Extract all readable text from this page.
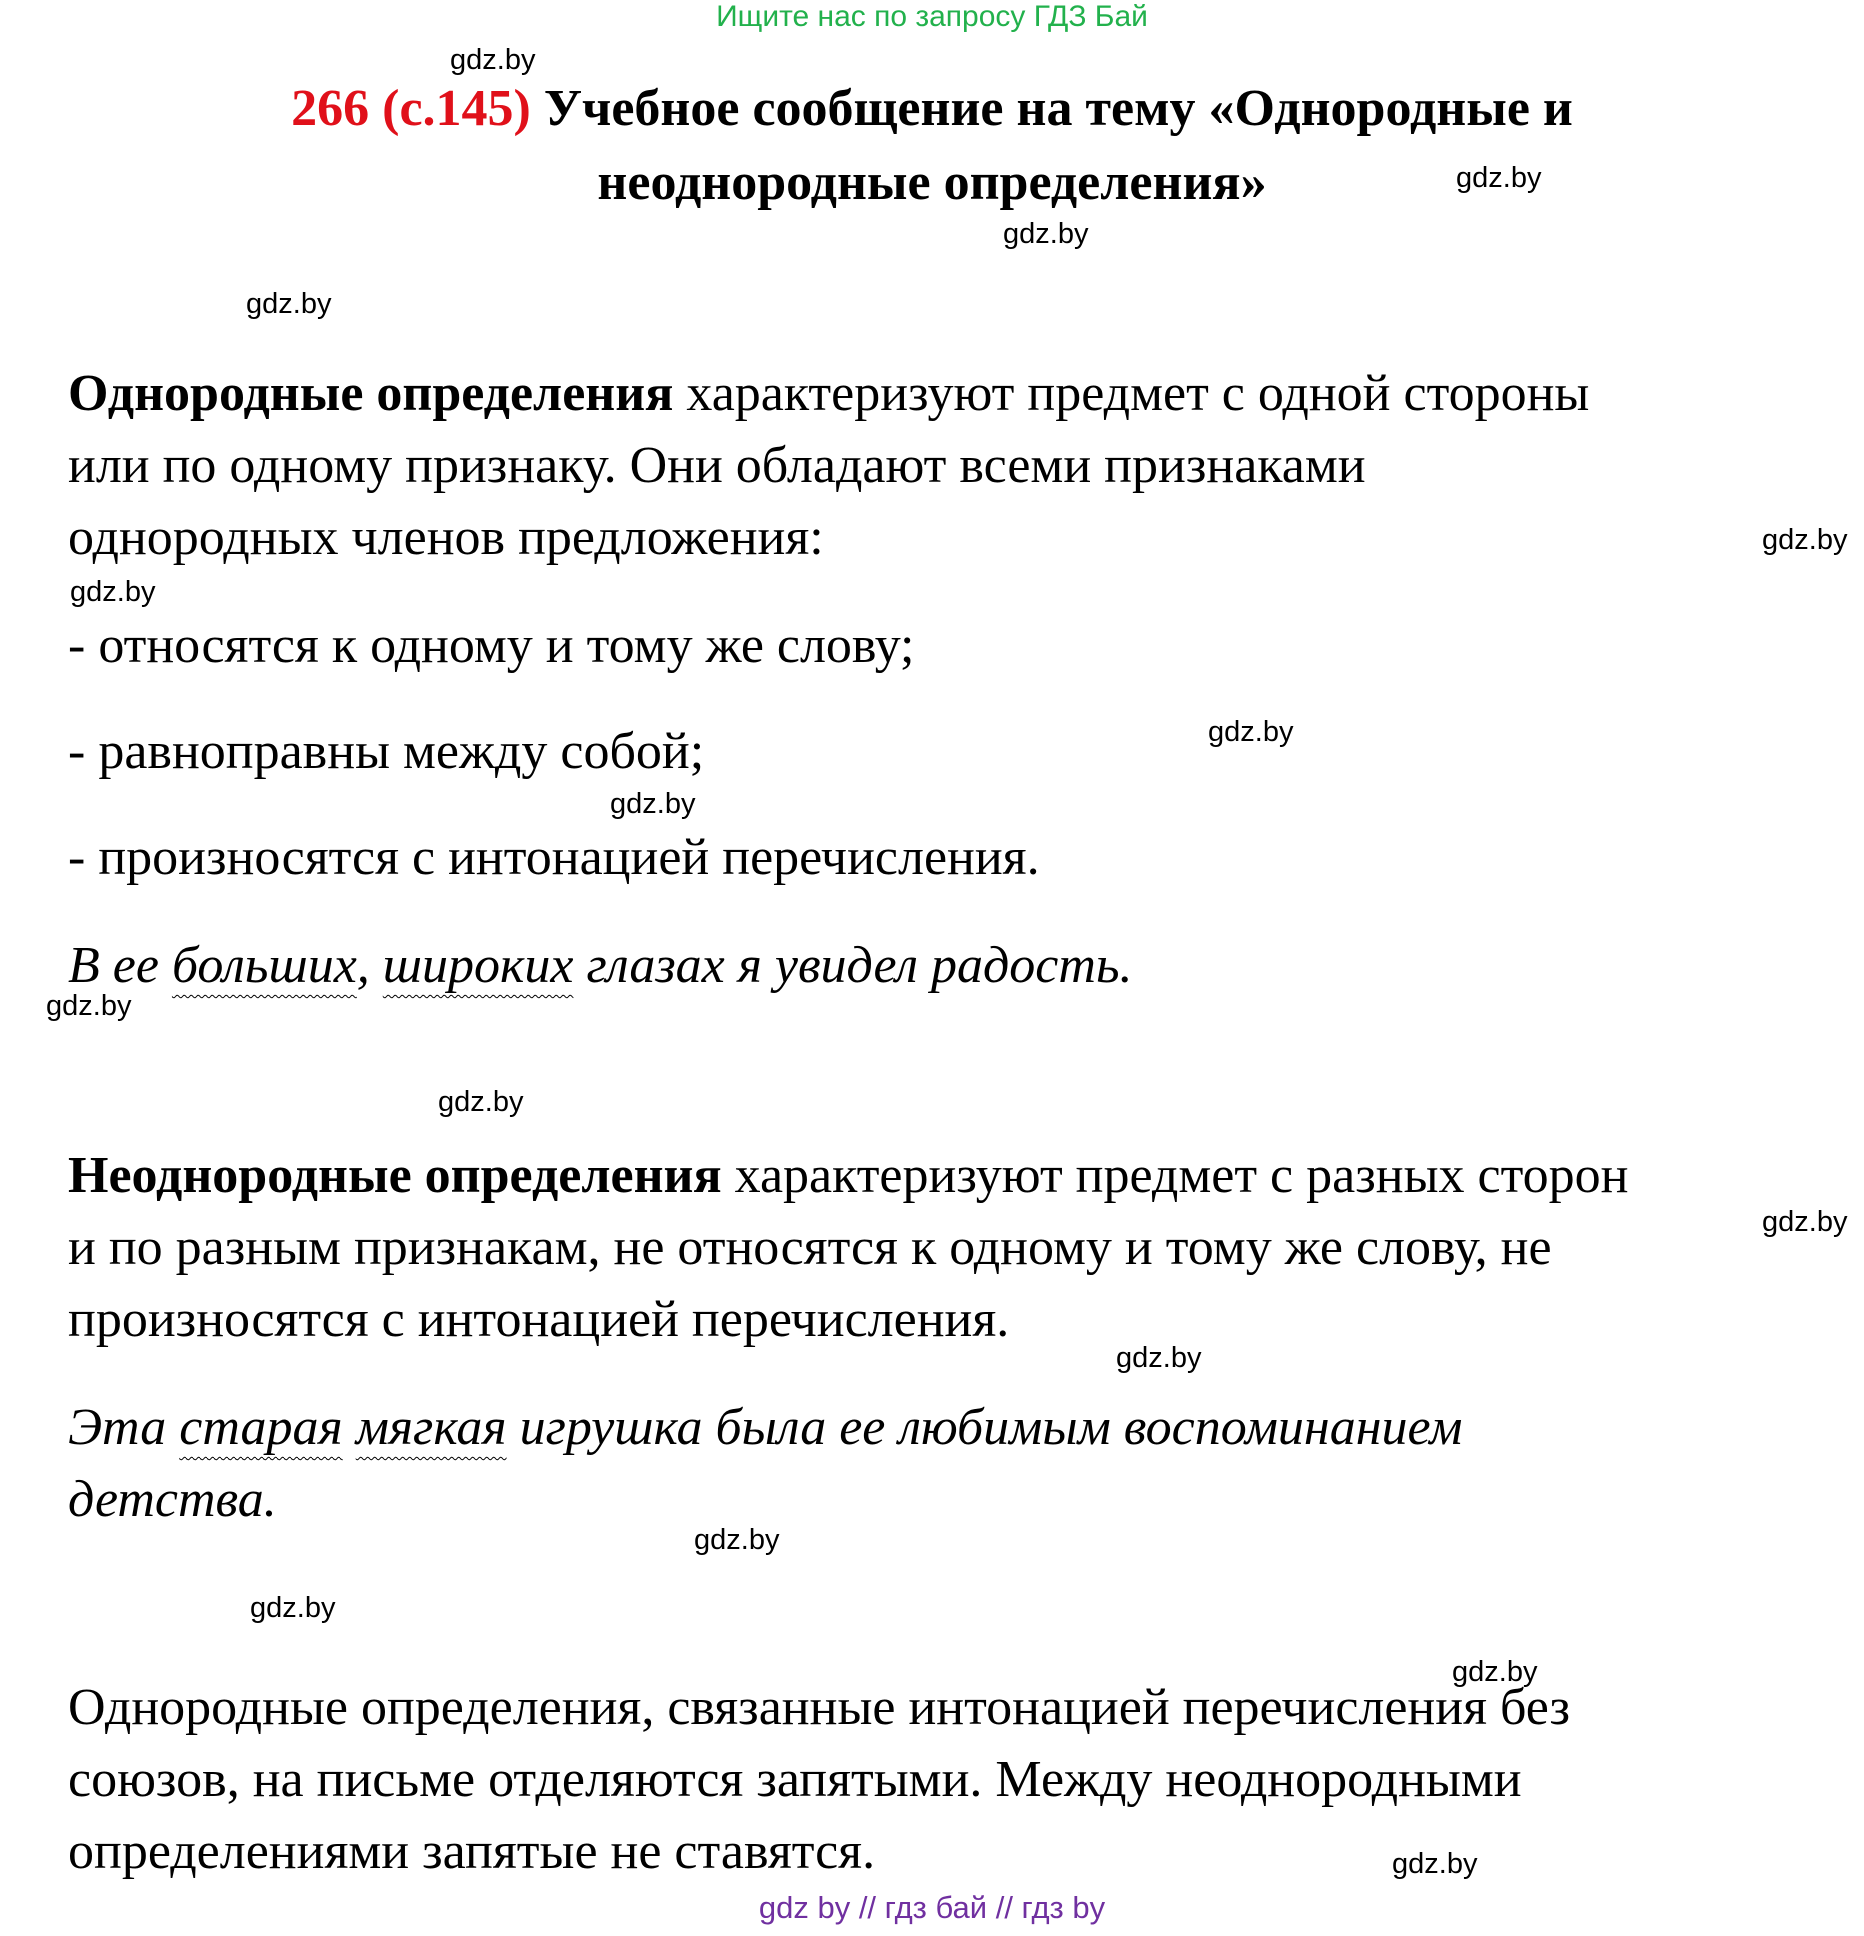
Ищите нас по запросу ГДЗ Бай
266 (с.145) Учебное сообщение на тему «Однородные и
неоднородные определения»
Однородные определения характеризуют предмет с одной стороны
или по одному признаку. Они обладают всеми признаками
однородных членов предложения:
- относятся к одному и тому же слову;
- равноправны между собой;
- произносятся с интонацией перечисления.
В ее больших, широких глазах я увидел радость.
Неоднородные определения характеризуют предмет с разных сторон
и по разным признакам, не относятся к одному и тому же слову, не
произносятся с интонацией перечисления.
Эта старая мягкая игрушка была ее любимым воспоминанием
детства.
Однородные определения, связанные интонацией перечисления без
союзов, на письме отделяются запятыми. Между неоднородными
определениями запятые не ставятся.
gdz.by
gdz.by
gdz.by
gdz.by
gdz.by
gdz.by
gdz.by
gdz.by
gdz.by
gdz.by
gdz.by
gdz.by
gdz.by
gdz.by
gdz.by
gdz.by
gdz by // гдз бай // гдз by
